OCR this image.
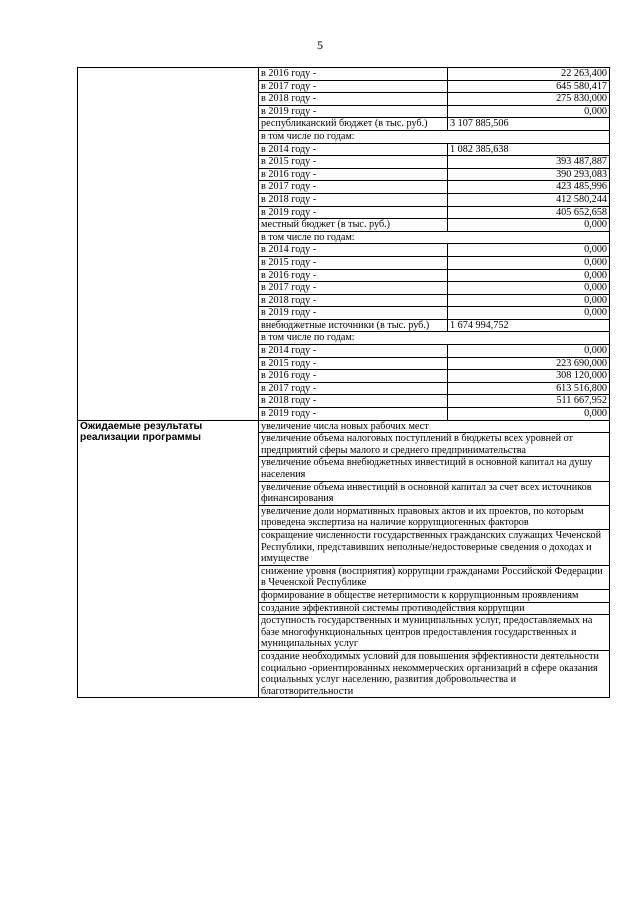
5
	в 2016 году -	22 263,400
	в 2017 году -	645 580,417
	в 2018 году -	275 830,000
	в 2019 году -	0,000
	республиканский бюджет (в тыс. руб.)	3 107 885,506
	в том числе по годам:	
	в 2014 году -	1 082 385,638
	в 2015 году -	393 487,887
	в 2016 году -	390 293,083
	в 2017 году -	423 485,996
	в 2018 году -	412 580,244
	в 2019 году -	405 652,658
	местный бюджет (в тыс. руб.)	0,000
	в том числе по годам:	
	в 2014 году -	0,000
	в 2015 году -	0,000
	в 2016 году -	0,000
	в 2017 году -	0,000
	в 2018 году -	0,000
	в 2019 году -	0,000
	внебюджетные источники (в тыс. руб.)	1 674 994,752
	в том числе по годам:	
	в 2014 году -	0,000
	в 2015 году -	223 690,000
	в 2016 году -	308 120,000
	в 2017 году -	613 516,800
	в 2018 году -	511 667,952
	в 2019 году -	0,000
Ожидаемые результаты реализации программы	увеличение числа новых рабочих мест	
	увеличение объема налоговых поступлений в бюджеты всех уровней от предприятий сферы малого и среднего предпринимательства	
	увеличение объема внебюджетных инвестиций в основной капитал на душу населения	
	увеличение объема инвестиций в основной капитал за счет всех источников финансирования	
	увеличение доли нормативных правовых актов и их проектов, по которым проведена экспертиза на наличие коррупциогенных факторов	
	сокращение численности государственных гражданских служащих Чеченской Республики, представивших неполные/недостоверные сведения о доходах и имуществе	
	снижение уровня (восприятия) коррупции гражданами Российской Федерации в Чеченской Республике	
	формирование в обществе нетерпимости к коррупционным проявлениям	
	создание эффективной системы противодействия коррупции	
	доступность государственных и муниципальных услуг, предоставляемых на базе многофункциональных центров предоставления государственных и муниципальных услуг	
	создание необходимых условий для повышения эффективности деятельности социально -ориентированных некоммерческих организаций в сфере оказания социальных услуг населению, развития добровольчества и благотворительности	
